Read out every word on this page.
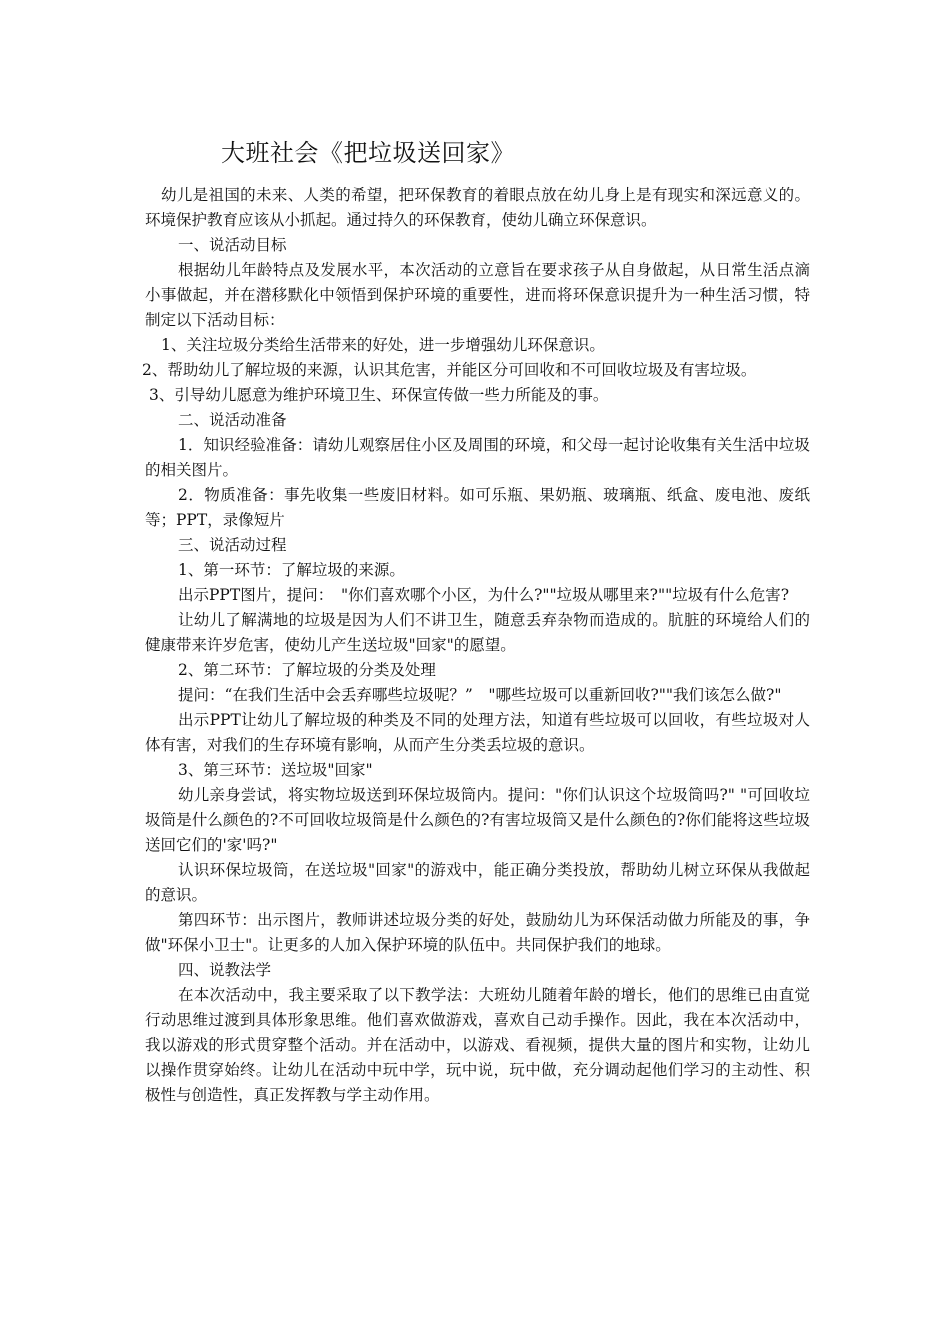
大班社会《把垃圾送回家》

幼儿是祖国的未来、人类的希望，把环保教育的着眼点放在幼儿身上是有现实和深远意义的。环境保护教育应该从小抓起。通过持久的环保教育，使幼儿确立环保意识。

一、说活动目标

根据幼儿年龄特点及发展水平，本次活动的立意旨在要求孩子从自身做起，从日常生活点滴小事做起，并在潜移默化中领悟到保护环境的重要性，进而将环保意识提升为一种生活习惯，特制定以下活动目标：

1、关注垃圾分类给生活带来的好处，进一步增强幼儿环保意识。

2、帮助幼儿了解垃圾的来源，认识其危害，并能区分可回收和不可回收垃圾及有害垃圾。

3、引导幼儿愿意为维护环境卫生、环保宣传做一些力所能及的事。

二、说活动准备

1．知识经验准备：请幼儿观察居住小区及周围的环境，和父母一起讨论收集有关生活中垃圾的相关图片。

2．物质准备：事先收集一些废旧材料。如可乐瓶、果奶瓶、玻璃瓶、纸盒、废电池、废纸等；PPT，录像短片

三、说活动过程

1、第一环节：了解垃圾的来源。

出示PPT图片，提问：　"你们喜欢哪个小区，为什么?""垃圾从哪里来?""垃圾有什么危害?

让幼儿了解满地的垃圾是因为人们不讲卫生，随意丢弃杂物而造成的。肮脏的环境给人们的健康带来许岁危害，使幼儿产生送垃圾"回家"的愿望。

2、第二环节：了解垃圾的分类及处理

提问：“在我们生活中会丢弃哪些垃圾呢？”　"哪些垃圾可以重新回收?""我们该怎么做?"

出示PPT让幼儿了解垃圾的种类及不同的处理方法，知道有些垃圾可以回收，有些垃圾对人体有害，对我们的生存环境有影响，从而产生分类丢垃圾的意识。

3、第三环节：送垃圾"回家"

幼儿亲身尝试，将实物垃圾送到环保垃圾筒内。提问："你们认识这个垃圾筒吗?" "可回收垃圾筒是什么颜色的?不可回收垃圾筒是什么颜色的?有害垃圾筒又是什么颜色的?你们能将这些垃圾送回它们的'家'吗?"

认识环保垃圾筒，在送垃圾"回家"的游戏中，能正确分类投放，帮助幼儿树立环保从我做起的意识。

第四环节：出示图片，教师讲述垃圾分类的好处，鼓励幼儿为环保活动做力所能及的事，争做"环保小卫士"。让更多的人加入保护环境的队伍中。共同保护我们的地球。

四、说教法学

在本次活动中，我主要采取了以下教学法：大班幼儿随着年龄的增长，他们的思维已由直觉行动思维过渡到具体形象思维。他们喜欢做游戏，喜欢自己动手操作。因此，我在本次活动中，我以游戏的形式贯穿整个活动。并在活动中，以游戏、看视频，提供大量的图片和实物，让幼儿以操作贯穿始终。让幼儿在活动中玩中学，玩中说，玩中做，充分调动起他们学习的主动性、积极性与创造性，真正发挥教与学主动作用。
